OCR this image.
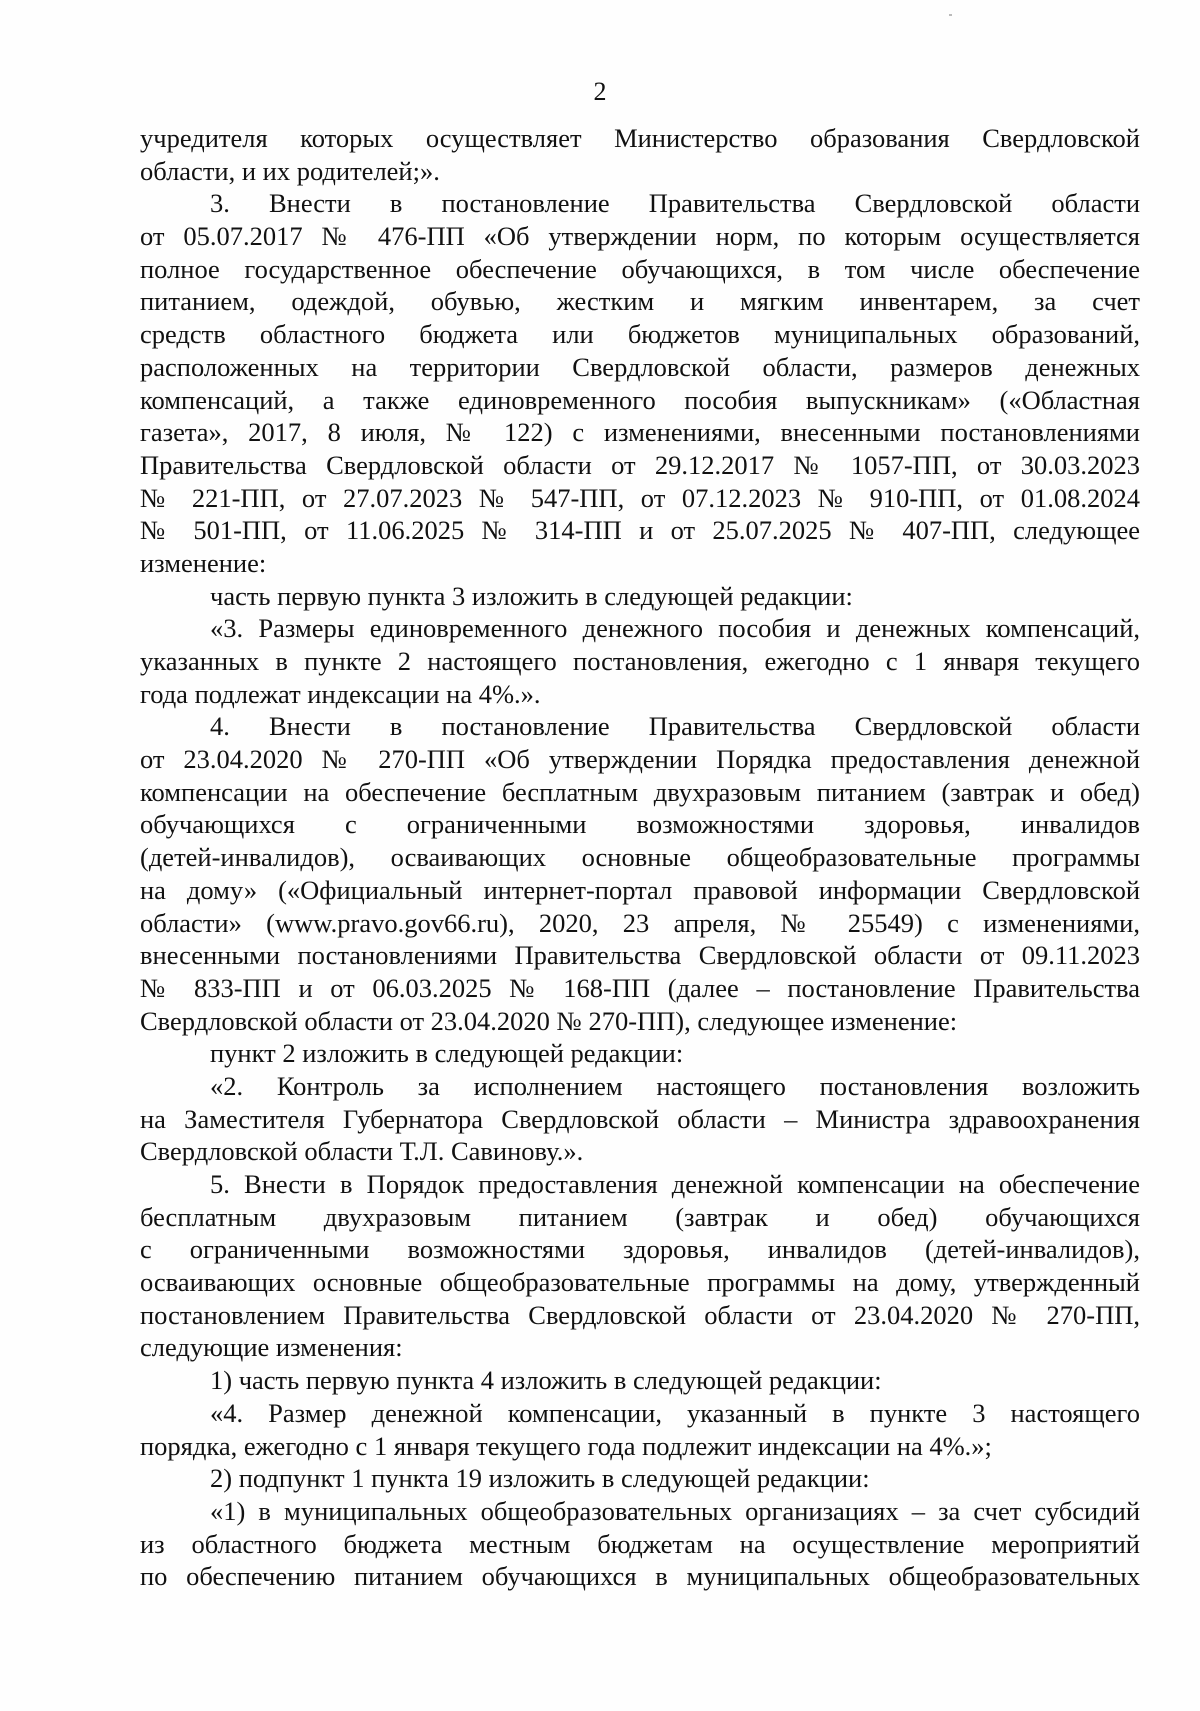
2
учредителя которых осуществляет Министерство образования Свердловской
области, и их родителей;».
3. Внести в постановление Правительства Свердловской области
от 05.07.2017 № 476-ПП «Об утверждении норм, по которым осуществляется
полное государственное обеспечение обучающихся, в том числе обеспечение
питанием, одеждой, обувью, жестким и мягким инвентарем, за счет
средств областного бюджета или бюджетов муниципальных образований,
расположенных на территории Свердловской области, размеров денежных
компенсаций, а также единовременного пособия выпускникам» («Областная
газета», 2017, 8 июля, № 122) с изменениями, внесенными постановлениями
Правительства Свердловской области от 29.12.2017 № 1057-ПП, от 30.03.2023
№ 221-ПП, от 27.07.2023 № 547-ПП, от 07.12.2023 № 910-ПП, от 01.08.2024
№ 501-ПП, от 11.06.2025 № 314-ПП и от 25.07.2025 № 407-ПП, следующее
изменение:
часть первую пункта 3 изложить в следующей редакции:
«3. Размеры единовременного денежного пособия и денежных компенсаций,
указанных в пункте 2 настоящего постановления, ежегодно с 1 января текущего
года подлежат индексации на 4%.».
4. Внести в постановление Правительства Свердловской области
от 23.04.2020 № 270-ПП «Об утверждении Порядка предоставления денежной
компенсации на обеспечение бесплатным двухразовым питанием (завтрак и обед)
обучающихся с ограниченными возможностями здоровья, инвалидов
(детей-инвалидов), осваивающих основные общеобразовательные программы
на дому» («Официальный интернет-портал правовой информации Свердловской
области» (www.pravo.gov66.ru), 2020, 23 апреля, № 25549) с изменениями,
внесенными постановлениями Правительства Свердловской области от 09.11.2023
№ 833-ПП и от 06.03.2025 № 168-ПП (далее – постановление Правительства
Свердловской области от 23.04.2020 № 270-ПП), следующее изменение:
пункт 2 изложить в следующей редакции:
«2. Контроль за исполнением настоящего постановления возложить
на Заместителя Губернатора Свердловской области – Министра здравоохранения
Свердловской области Т.Л. Савинову.».
5. Внести в Порядок предоставления денежной компенсации на обеспечение
бесплатным двухразовым питанием (завтрак и обед) обучающихся
с ограниченными возможностями здоровья, инвалидов (детей-инвалидов),
осваивающих основные общеобразовательные программы на дому, утвержденный
постановлением Правительства Свердловской области от 23.04.2020 № 270-ПП,
следующие изменения:
1) часть первую пункта 4 изложить в следующей редакции:
«4. Размер денежной компенсации, указанный в пункте 3 настоящего
порядка, ежегодно с 1 января текущего года подлежит индексации на 4%.»;
2) подпункт 1 пункта 19 изложить в следующей редакции:
«1) в муниципальных общеобразовательных организациях – за счет субсидий
из областного бюджета местным бюджетам на осуществление мероприятий
по обеспечению питанием обучающихся в муниципальных общеобразовательных
